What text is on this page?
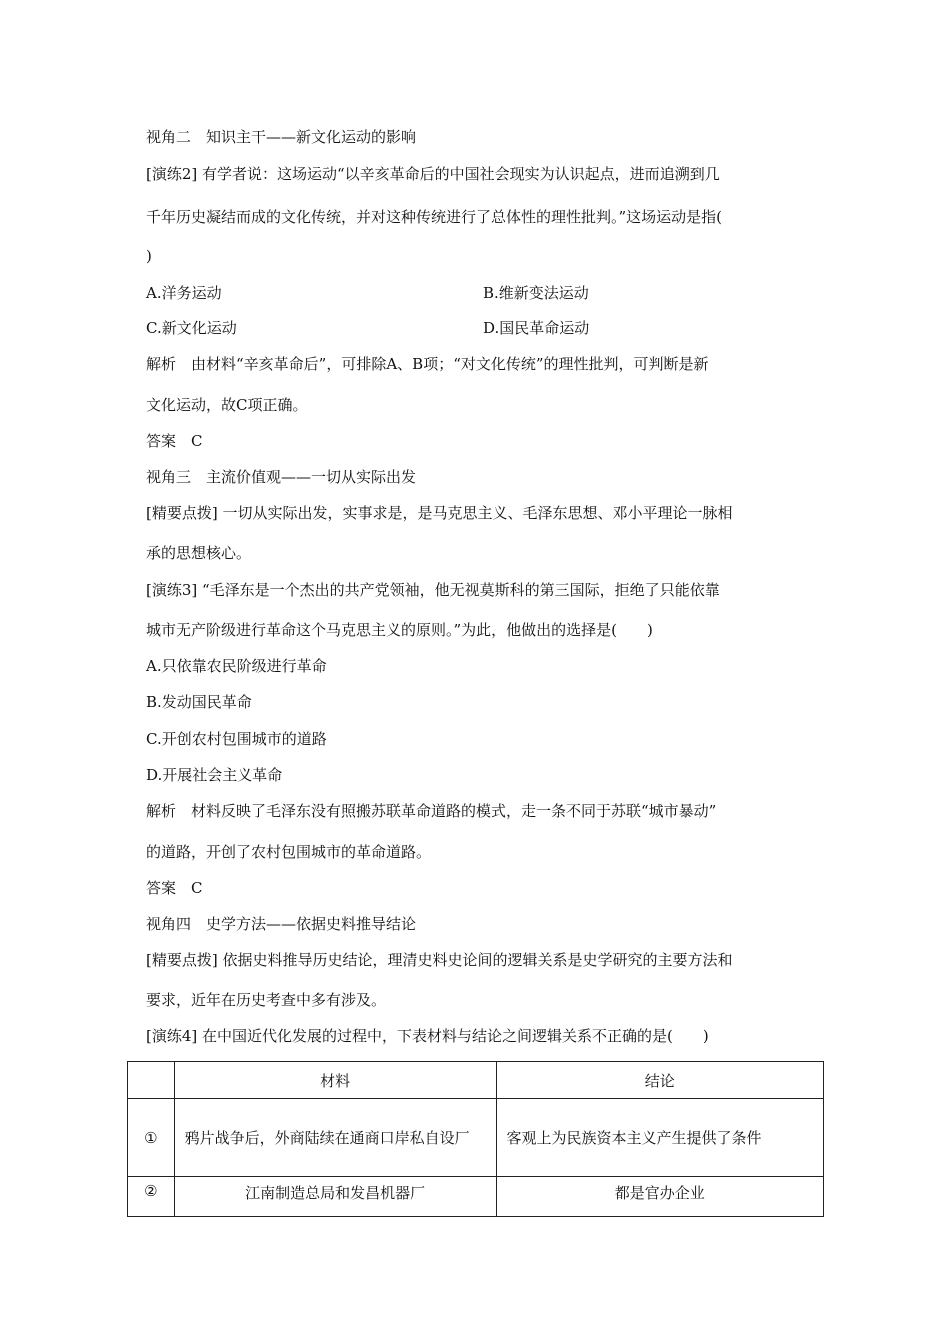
视角二　知识主干——新文化运动的影响
[演练2] 有学者说：这场运动“以辛亥革命后的中国社会现实为认识起点，进而追溯到几
千年历史凝结而成的文化传统，并对这种传统进行了总体性的理性批判。”这场运动是指(
)
A.洋务运动	B.维新变法运动
C.新文化运动	D.国民革命运动
解析　由材料“辛亥革命后”，可排除A、B项；“对文化传统”的理性批判，可判断是新
文化运动，故C项正确。
答案　C
视角三　主流价值观——一切从实际出发
[精要点拨] 一切从实际出发，实事求是，是马克思主义、毛泽东思想、邓小平理论一脉相
承的思想核心。
[演练3] “毛泽东是一个杰出的共产党领袖，他无视莫斯科的第三国际，拒绝了只能依靠
城市无产阶级进行革命这个马克思主义的原则。”为此，他做出的选择是(　　)
A.只依靠农民阶级进行革命
B.发动国民革命
C.开创农村包围城市的道路
D.开展社会主义革命
解析　材料反映了毛泽东没有照搬苏联革命道路的模式，走一条不同于苏联“城市暴动”
的道路，开创了农村包围城市的革命道路。
答案　C
视角四　史学方法——依据史料推导结论
[精要点拨] 依据史料推导历史结论，理清史料史论间的逻辑关系是史学研究的主要方法和
要求，近年在历史考查中多有涉及。
[演练4] 在中国近代化发展的过程中，下表材料与结论之间逻辑关系不正确的是(　　)
	材料	结论
①	鸦片战争后，外商陆续在通商口岸私自设厂	客观上为民族资本主义产生提供了条件
②	江南制造总局和发昌机器厂	都是官办企业
